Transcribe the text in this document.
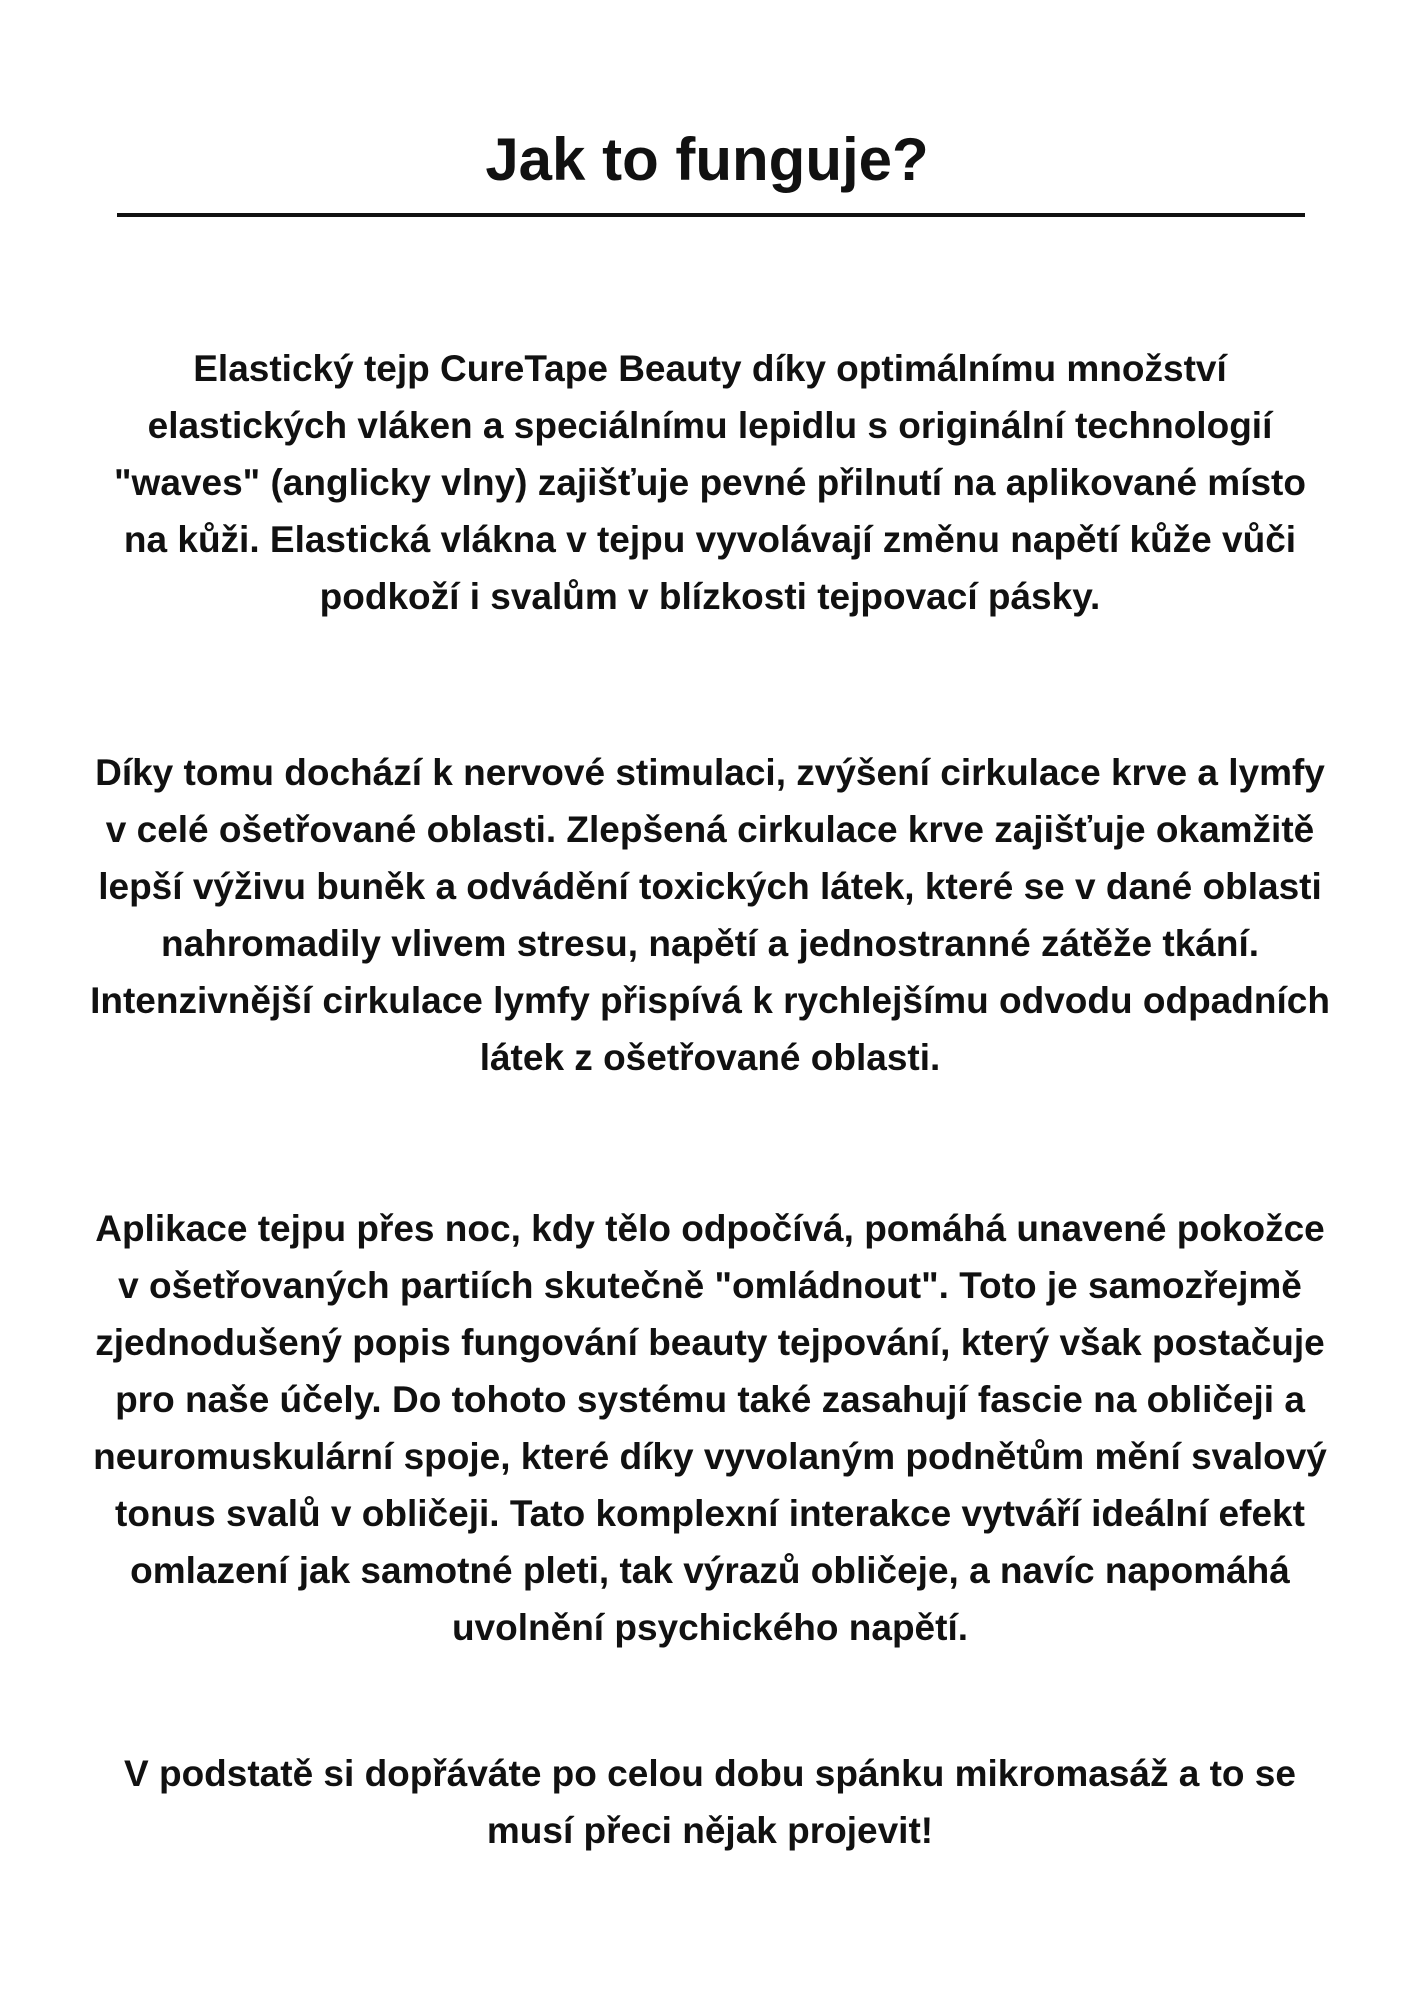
Jak to funguje?

Elastický tejp CureTape Beauty díky optimálnímu množství elastických vláken a speciálnímu lepidlu s originální technologií "waves" (anglicky vlny) zajišťuje pevné přilnutí na aplikované místo na kůži. Elastická vlákna v tejpu vyvolávají změnu napětí kůže vůči podkoží i svalům v blízkosti tejpovací pásky.

Díky tomu dochází k nervové stimulaci, zvýšení cirkulace krve a lymfy v celé ošetřované oblasti. Zlepšená cirkulace krve zajišťuje okamžitě lepší výživu buněk a odvádění toxických látek, které se v dané oblasti nahromadily vlivem stresu, napětí a jednostranné zátěže tkání. Intenzivnější cirkulace lymfy přispívá k rychlejšímu odvodu odpadních látek z ošetřované oblasti.

Aplikace tejpu přes noc, kdy tělo odpočívá, pomáhá unavené pokožce v ošetřovaných partiích skutečně "omládnout". Toto je samozřejmě zjednodušený popis fungování beauty tejpování, který však postačuje pro naše účely. Do tohoto systému také zasahují fascie na obličeji a neuromuskulární spoje, které díky vyvolaným podnětům mění svalový tonus svalů v obličeji. Tato komplexní interakce vytváří ideální efekt omlazení jak samotné pleti, tak výrazů obličeje, a navíc napomáhá uvolnění psychického napětí.

V podstatě si dopřáváte po celou dobu spánku mikromasáž a to se musí přeci nějak projevit!
